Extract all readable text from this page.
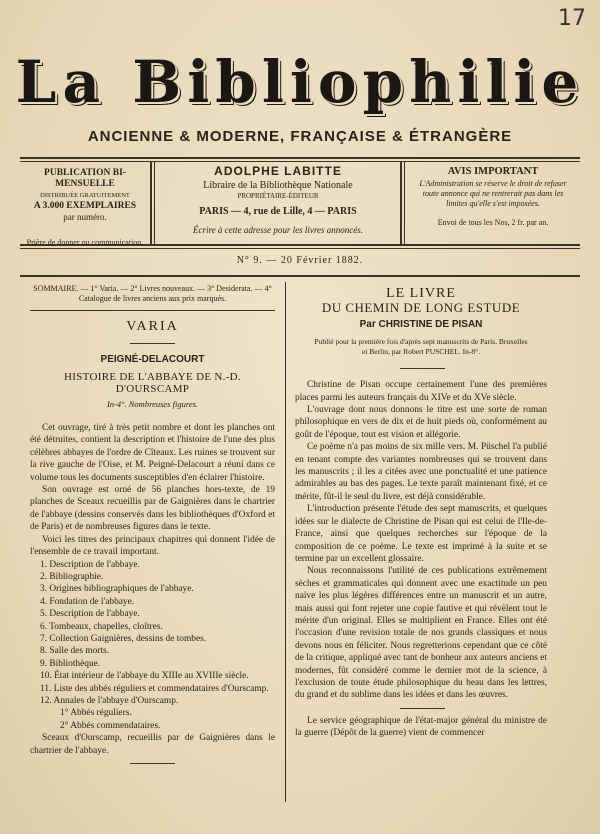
17
La Bibliophilie
ANCIENNE & MODERNE, FRANÇAISE & ÉTRANGÈRE
PUBLICATION BI-MENSUELLE
DISTRIBUÉE GRATUITEMENT
A 3.000 EXEMPLAIRES
par numéro.
Prière de donner ou communication.
ADOLPHE LABITTE
Libraire de la Bibliothèque Nationale
PROPRIÉTAIRE-ÉDITEUR
PARIS — 4, rue de Lille, 4 — PARIS
Écrire à cette adresse pour les livres annoncés.
AVIS IMPORTANT
L'Administration se réserve le droit de refuser toute annonce qui ne rentrerait pas dans les limites qu'elle s'est imposées.
Envoi de tous les Nos, 2 fr. par an.
N° 9. — 20 Février 1882.
SOMMAIRE. — 1° Varia. — 2° Livres nouveaux. — 3° Desiderata. — 4° Catalogue de livres anciens aux prix marqués.
VARIA
PEIGNÉ-DELACOURT
HISTOIRE DE L'ABBAYE DE N.-D. D'OURSCAMP
In-4°. Nombreuses figures.

Cet ouvrage, tiré à très petit nombre et dont les planches ont été détruites, contient la description et l'histoire de l'une des plus célèbres abbayes de l'ordre de Cîteaux. Les ruines se trouvent sur la rive gauche de l'Oise, et M. Peigné-Delacourt a réuni dans ce volume tous les documents susceptibles d'en éclairer l'histoire.

Son ouvrage est orné de 56 planches hors-texte, de 19 planches de Sceaux recueillis par de Gaignières dans le chartrier de l'abbaye (dessins conservés dans les bibliothèques d'Oxford et de Paris) et de nombreuses figures dans le texte.

Voici les titres des principaux chapitres qui donnent l'idée de l'ensemble de ce travail important.

1. Description de l'abbaye.
2. Bibliographie.
3. Origines bibliographiques de l'abbaye.
4. Fondation de l'abbaye.
5. Description de l'abbaye.
6. Tombeaux, chapelles, cloîtres.
7. Collection Gaignières, dessins de tombes.
8. Salle des morts.
9. Bibliothèque.
10. État intérieur de l'abbaye du XIIIe au XVIIIe siècle.
11. Liste des abbés réguliers et commendataires d'Ourscamp.
12. Annales de l'abbaye d'Ourscamp.
1° Abbés réguliers.
2° Abbés commendataires.

Sceaux d'Ourscamp, recueillis par de Gaignières dans le chartrier de l'abbaye.

LE LIVRE
DU CHEMIN DE LONG ESTUDE
Par CHRISTINE DE PISAN
Publié pour la première fois d'après sept manuscrits de Paris, Bruxelles et Berlin, par Robert PUSCHEL. In-8°.

Christine de Pisan occupe certainement l'une des premières places parmi les auteurs français du XIVe et du XVe siècle.

L'ouvrage dont nous donnons le titre est une sorte de roman philosophique en vers de dix et de huit pieds où, conformément au goût de l'époque, tout est vision et allégorie.

Ce poème n'a pas moins de six mille vers. M. Püschel l'a publié en tenant compte des variantes nombreuses qui se trouvent dans les manuscrits ; il les a citées avec une ponctualité et une patience admirables au bas des pages. Le texte paraît maintenant fixé, et ce mérite, fût-il le seul du livre, est déjà considérable.

L'introduction présente l'étude des sept manuscrits, et quelques idées sur le dialecte de Christine de Pisan qui est celui de l'Ile-de-France, ainsi que quelques recherches sur l'époque de la composition de ce poème. Le texte est imprimé à la suite et se termine par un excellent glossaire.

Nous reconnaissons l'utilité de ces publications extrêmement sèches et grammaticales qui donnent avec une exactitude un peu naïve les plus légères différences entre un manuscrit et un autre, mais aussi qui font rejeter une copie fautive et qui révèlent tout le mérite d'un original. Elles se multiplient en France. Elles ont été l'occasion d'une revision totale de nos grands classiques et nous devons nous en féliciter. Nous regretterions cependant que ce côté de la critique, appliqué avec tant de bonheur aux auteurs anciens et modernes, fût considéré comme le dernier mot de la science, à l'exclusion de toute étude philosophique du beau dans les lettres, du grand et du sublime dans les idées et dans les œuvres.

Le service géographique de l'état-major général du ministre de la guerre (Dépôt de la guerre) vient de commencer
